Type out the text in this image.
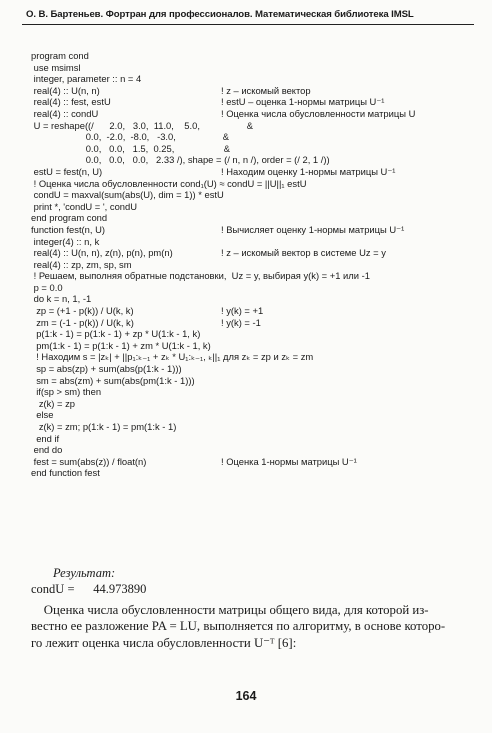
О. В. Бартеньев. Фортран для профессионалов. Математическая библиотека IMSL
program cond
use msimsl
integer, parameter :: n = 4
real(4) :: U(n, n)	! z – искомый вектор
real(4) :: fest, estU	! estU – оценка 1-нормы матрицы U⁻¹
real(4) :: condU	! Оценка числа обусловленности матрицы U
U = reshape((/      2.0,   3.0,  11.0,    5.0,                  &
0.0,  -2.0,  -8.0,   -3.0,                  &
0.0,   0.0,   1.5,  0.25,                   &
0.0,   0.0,   0.0,   2.33 /), shape = (/ n, n /), order = (/ 2, 1 /))
estU = fest(n, U)	! Находим оценку 1-нормы матрицы U⁻¹
! Оценка числа обусловленности cond₁(U) ≈ condU = ||U||₁ estU
condU = maxval(sum(abs(U), dim = 1)) * estU
print *, 'condU = ', condU
end program cond
function fest(n, U)	! Вычисляет оценку 1-нормы матрицы U⁻¹
integer(4) :: n, k
real(4) :: U(n, n), z(n), p(n), pm(n)	! z – искомый вектор в системе Uz = y
real(4) :: zp, zm, sp, sm
! Решаем, выполняя обратные подстановки,  Uz = y, выбирая y(k) = +1 или -1
p = 0.0
do k = n, 1, -1
zp = (+1 - p(k)) / U(k, k)	! y(k) = +1
zm = (-1 - p(k)) / U(k, k)	! y(k) = -1
p(1:k - 1) = p(1:k - 1) + zp * U(1:k - 1, k)
pm(1:k - 1) = p(1:k - 1) + zm * U(1:k - 1, k)
! Находим s = |zₖ| + ||p₁:ₖ₋₁ + zₖ * U₁:ₖ₋₁, ₖ||₁ для zₖ = zp и zₖ = zm
sp = abs(zp) + sum(abs(p(1:k - 1)))
sm = abs(zm) + sum(abs(pm(1:k - 1)))
if(sp > sm) then
z(k) = zp
else
z(k) = zm; p(1:k - 1) = pm(1:k - 1)
end if
end do
fest = sum(abs(z)) / float(n)	! Оценка 1-нормы матрицы U⁻¹
end function fest
Результат:
condU =      44.973890
Оценка числа обусловленности матрицы общего вида, для которой из-
вестно ее разложение PA = LU, выполняется по алгоритму, в основе которо-
го лежит оценка числа обусловленности U⁻ᵀ [6]:
164
